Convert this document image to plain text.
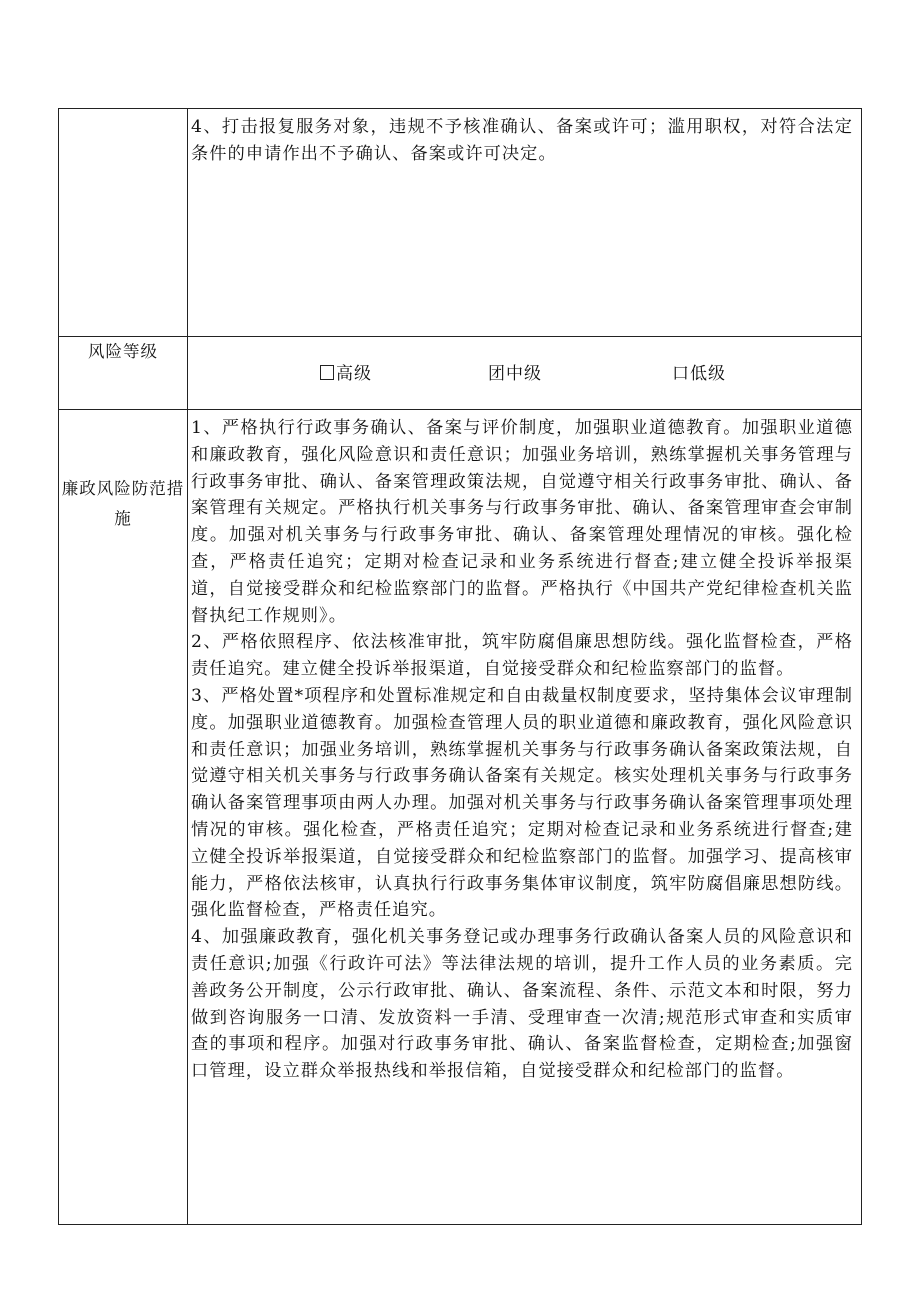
	4、打击报复服务对象，违规不予核准确认、备案或许可；滥用职权，对符合法定条件的申请作出不予确认、备案或许可决定。

风险等级	高级 团中级 口低级

廉政风险防范措施	1、严格执行行政事务确认、备案与评价制度，加强职业道德教育。加强职业道德和廉政教育，强化风险意识和责任意识；加强业务培训，熟练掌握机关事务管理与行政事务审批、确认、备案管理政策法规，自觉遵守相关行政事务审批、确认、备案管理有关规定。严格执行机关事务与行政事务审批、确认、备案管理审查会审制度。加强对机关事务与行政事务审批、确认、备案管理处理情况的审核。强化检查，严格责任追究；定期对检查记录和业务系统进行督查;建立健全投诉举报渠道，自觉接受群众和纪检监察部门的监督。严格执行《中国共产党纪律检查机关监督执纪工作规则》。

2、严格依照程序、依法核准审批，筑牢防腐倡廉思想防线。强化监督检查，严格责任追究。建立健全投诉举报渠道，自觉接受群众和纪检监察部门的监督。

3、严格处置*项程序和处置标准规定和自由裁量权制度要求，坚持集体会议审理制度。加强职业道德教育。加强检查管理人员的职业道德和廉政教育，强化风险意识和责任意识；加强业务培训，熟练掌握机关事务与行政事务确认备案政策法规，自觉遵守相关机关事务与行政事务确认备案有关规定。核实处理机关事务与行政事务确认备案管理事项由两人办理。加强对机关事务与行政事务确认备案管理事项处理情况的审核。强化检查，严格责任追究；定期对检查记录和业务系统进行督查;建立健全投诉举报渠道，自觉接受群众和纪检监察部门的监督。加强学习、提高核审能力，严格依法核审，认真执行行政事务集体审议制度，筑牢防腐倡廉思想防线。强化监督检查，严格责任追究。

4、加强廉政教育，强化机关事务登记或办理事务行政确认备案人员的风险意识和责任意识;加强《行政许可法》等法律法规的培训，提升工作人员的业务素质。完善政务公开制度，公示行政审批、确认、备案流程、条件、示范文本和时限，努力做到咨询服务一口清、发放资料一手清、受理审查一次清;规范形式审查和实质审查的事项和程序。加强对行政事务审批、确认、备案监督检查，定期检查;加强窗口管理，设立群众举报热线和举报信箱，自觉接受群众和纪检部门的监督。
